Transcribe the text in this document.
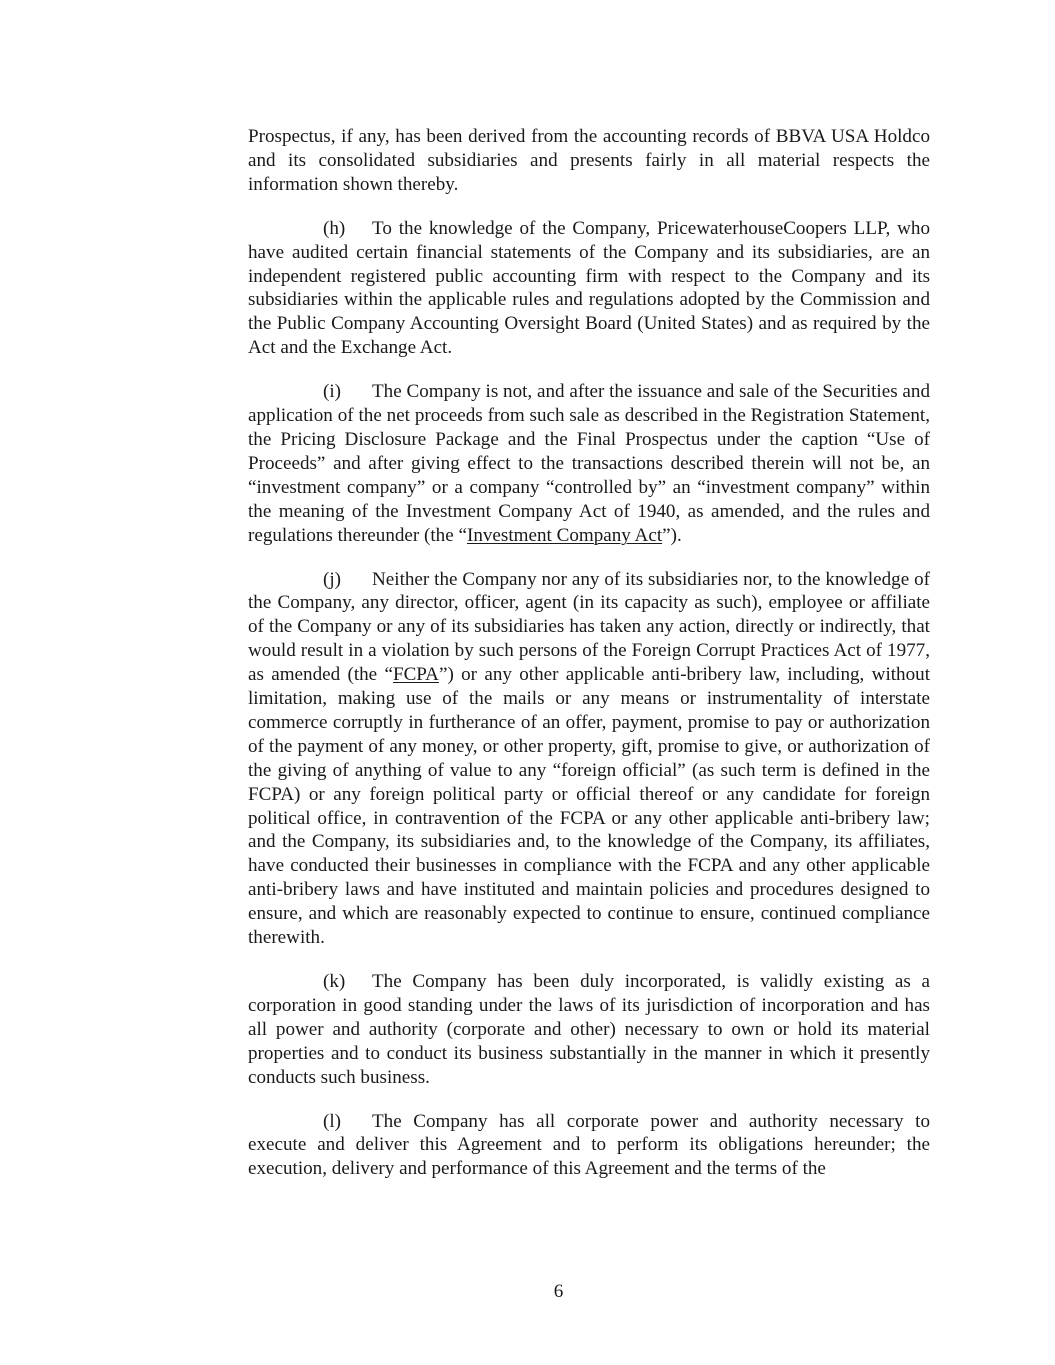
Prospectus, if any, has been derived from the accounting records of BBVA USA Holdco and its consolidated subsidiaries and presents fairly in all material respects the information shown thereby.

(h) To the knowledge of the Company, PricewaterhouseCoopers LLP, who have audited certain financial statements of the Company and its subsidiaries, are an independent registered public accounting firm with respect to the Company and its subsidiaries within the applicable rules and regulations adopted by the Commission and the Public Company Accounting Oversight Board (United States) and as required by the Act and the Exchange Act.

(i) The Company is not, and after the issuance and sale of the Securities and application of the net proceeds from such sale as described in the Registration Statement, the Pricing Disclosure Package and the Final Prospectus under the caption “Use of Proceeds” and after giving effect to the transactions described therein will not be, an “investment company” or a company “controlled by” an “investment company” within the meaning of the Investment Company Act of 1940, as amended, and the rules and regulations thereunder (the “Investment Company Act”).

(j) Neither the Company nor any of its subsidiaries nor, to the knowledge of the Company, any director, officer, agent (in its capacity as such), employee or affiliate of the Company or any of its subsidiaries has taken any action, directly or indirectly, that would result in a violation by such persons of the Foreign Corrupt Practices Act of 1977, as amended (the “FCPA”) or any other applicable anti-bribery law, including, without limitation, making use of the mails or any means or instrumentality of interstate commerce corruptly in furtherance of an offer, payment, promise to pay or authorization of the payment of any money, or other property, gift, promise to give, or authorization of the giving of anything of value to any “foreign official” (as such term is defined in the FCPA) or any foreign political party or official thereof or any candidate for foreign political office, in contravention of the FCPA or any other applicable anti-bribery law; and the Company, its subsidiaries and, to the knowledge of the Company, its affiliates, have conducted their businesses in compliance with the FCPA and any other applicable anti-bribery laws and have instituted and maintain policies and procedures designed to ensure, and which are reasonably expected to continue to ensure, continued compliance therewith.

(k) The Company has been duly incorporated, is validly existing as a corporation in good standing under the laws of its jurisdiction of incorporation and has all power and authority (corporate and other) necessary to own or hold its material properties and to conduct its business substantially in the manner in which it presently conducts such business.

(l) The Company has all corporate power and authority necessary to execute and deliver this Agreement and to perform its obligations hereunder; the execution, delivery and performance of this Agreement and the terms of the

6
